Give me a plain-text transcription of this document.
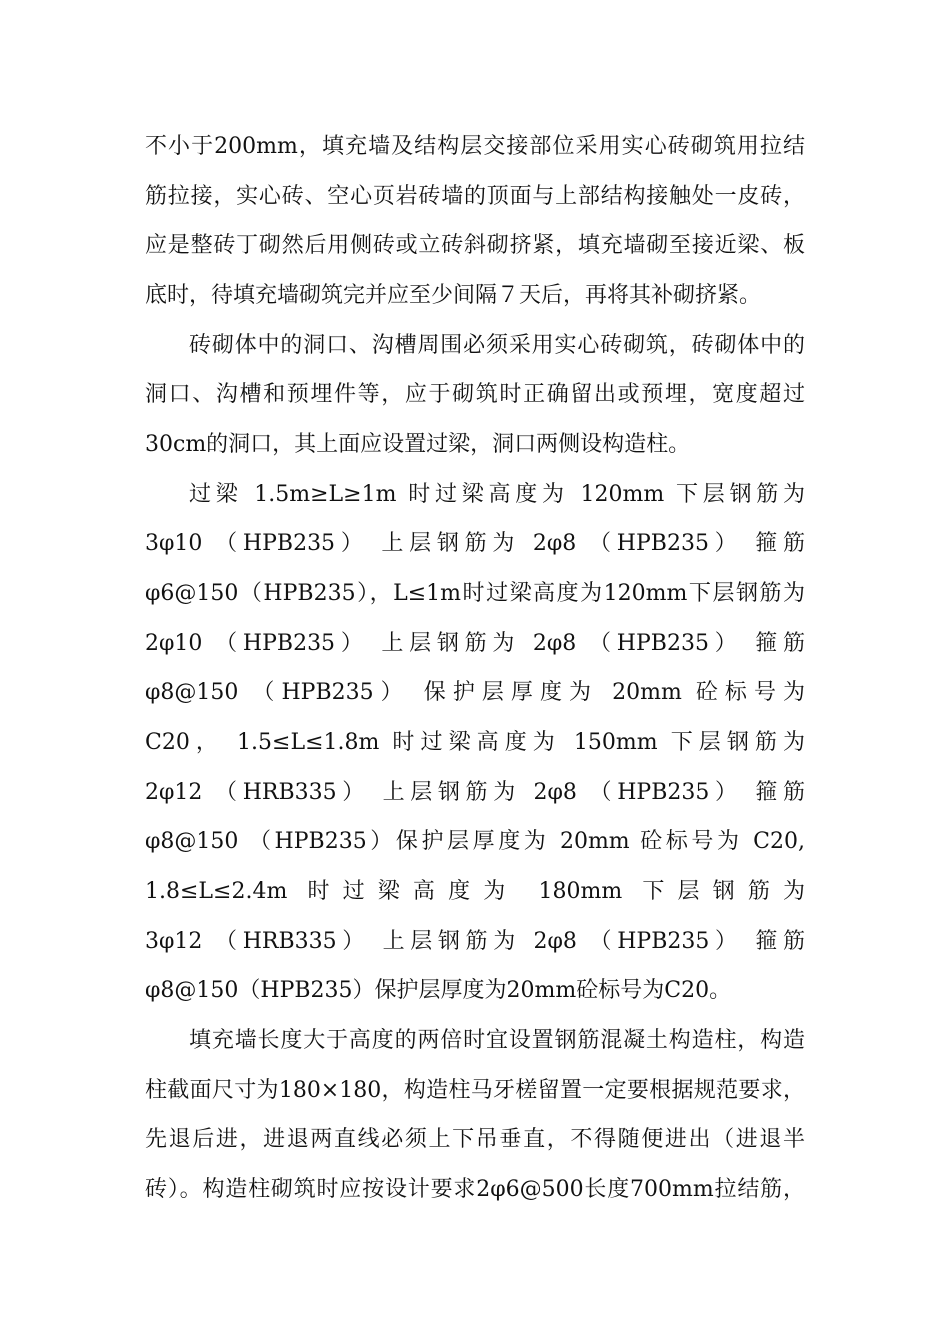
不小于200mm，填充墙及结构层交接部位采用实心砖砌筑用拉结
筋拉接，实心砖、空心页岩砖墙的顶面与上部结构接触处一皮砖，
应是整砖丁砌然后用侧砖或立砖斜砌挤紧，填充墙砌至接近梁、板
底时，待填充墙砌筑完并应至少间隔７天后，再将其补砌挤紧。
砖砌体中的洞口、沟槽周围必须采用实心砖砌筑，砖砌体中的
洞口、沟槽和预埋件等，应于砌筑时正确留出或预埋，宽度超过
30cm的洞口，其上面应设置过梁，洞口两侧设构造柱。
过梁 1.5m≥L≥1m 时过梁高度为 120mm 下层钢筋为
3φ10 （HPB235） 上层钢筋为 2φ8 （HPB235） 箍筋
φ6@150（HPB235），L≤1m时过梁高度为120mm下层钢筋为
2φ10 （HPB235） 上层钢筋为 2φ8 （HPB235） 箍筋
φ8@150 （HPB235） 保护层厚度为 20mm 砼标号为
C20， 1.5≤L≤1.8m 时过梁高度为 150mm 下层钢筋为
2φ12 （HRB335） 上层钢筋为 2φ8 （HPB235） 箍筋
φ8@150 （HPB235）保护层厚度为 20mm 砼标号为 C20,
1.8≤L≤2.4m 时过梁高度为 180mm 下层钢筋为
3φ12 （HRB335） 上层钢筋为 2φ8 （HPB235） 箍筋
φ8@150（HPB235）保护层厚度为20mm砼标号为C20。
填充墙长度大于高度的两倍时宜设置钢筋混凝土构造柱，构造
柱截面尺寸为180×180，构造柱马牙槎留置一定要根据规范要求，
先退后进，进退两直线必须上下吊垂直，不得随便进出（进退半
砖）。构造柱砌筑时应按设计要求2φ6@500长度700mm拉结筋，
